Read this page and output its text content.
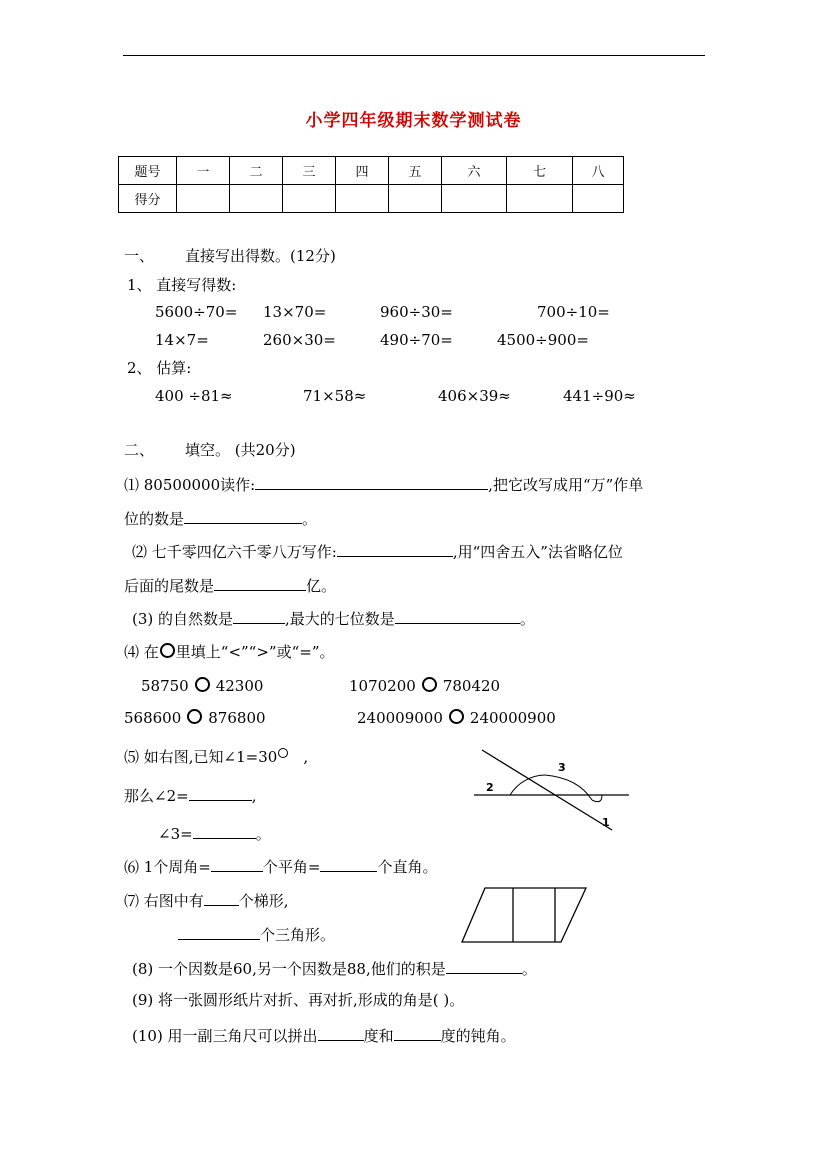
小学四年级期末数学测试卷
题号	一	二	三	四	五	六	七	八
得分								
一、 直接写出得数。(12分)
1、 直接写得数:
5600÷70= 13×70=	960÷30=	700÷10=
14×7=	260×30=	490÷70=	4500÷900=
2、 估算:
400 ÷81≈	71×58≈	406×39≈	441÷90≈
二、 填空。 (共20分)
⑴ 80500000读作:	,把它改写成用“万”作单
位的数是	。
⑵ 七千零四亿六千零八万写作:	,用“四舍五入”法省略亿位
后面的尾数是	亿。
(3) 的自然数是	,最大的七位数是	。
⑷ 在 里填上“<”“>”或“=”。
58750 42300	1070200 780420
568600 876800	240009000 240000900
⑸ 如右图,已知∠1=30 ,
那么∠2=	,
∠3=	。
2
3
1
⑹ 1个周角=	个平角=	个直角。
⑺ 右图中有 个梯形,
个三角形。
(8) 一个因数是60,另一个因数是88,他们的积是	。
(9) 将一张圆形纸片对折、再对折,形成的角是( )。
(10) 用一副三角尺可以拼出	度和	度的钝角。
